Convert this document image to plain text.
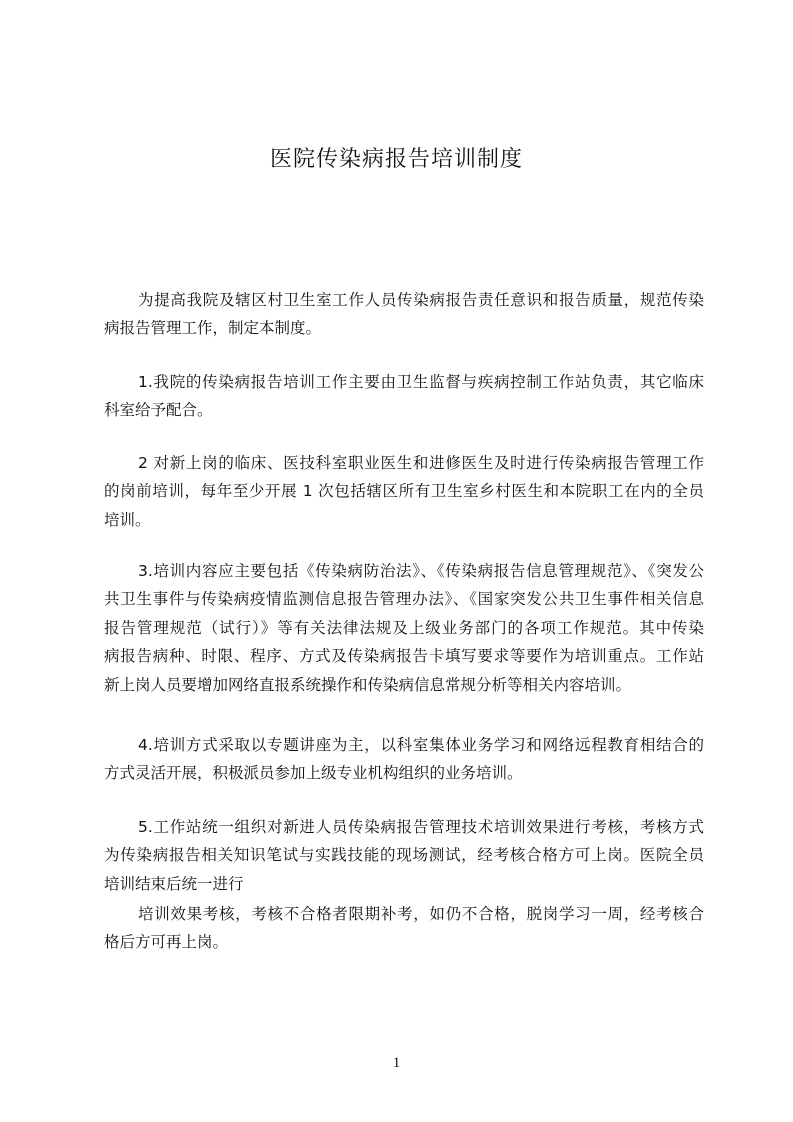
医院传染病报告培训制度
为提高我院及辖区村卫生室工作人员传染病报告责任意识和报告质量，规范传染
病报告管理工作，制定本制度。
1.我院的传染病报告培训工作主要由卫生监督与疾病控制工作站负责，其它临床
科室给予配合。
2 对新上岗的临床、医技科室职业医生和进修医生及时进行传染病报告管理工作
的岗前培训，每年至少开展 1 次包括辖区所有卫生室乡村医生和本院职工在内的全员
培训。
3.培训内容应主要包括《传染病防治法》、《传染病报告信息管理规范》、《突发公
共卫生事件与传染病疫情监测信息报告管理办法》、《国家突发公共卫生事件相关信息
报告管理规范（试行）》等有关法律法规及上级业务部门的各项工作规范。其中传染
病报告病种、时限、程序、方式及传染病报告卡填写要求等要作为培训重点。工作站
新上岗人员要增加网络直报系统操作和传染病信息常规分析等相关内容培训。
4.培训方式采取以专题讲座为主，以科室集体业务学习和网络远程教育相结合的
方式灵活开展，积极派员参加上级专业机构组织的业务培训。
5.工作站统一组织对新进人员传染病报告管理技术培训效果进行考核，考核方式
为传染病报告相关知识笔试与实践技能的现场测试，经考核合格方可上岗。医院全员
培训结束后统一进行
培训效果考核，考核不合格者限期补考，如仍不合格，脱岗学习一周，经考核合
格后方可再上岗。
1
